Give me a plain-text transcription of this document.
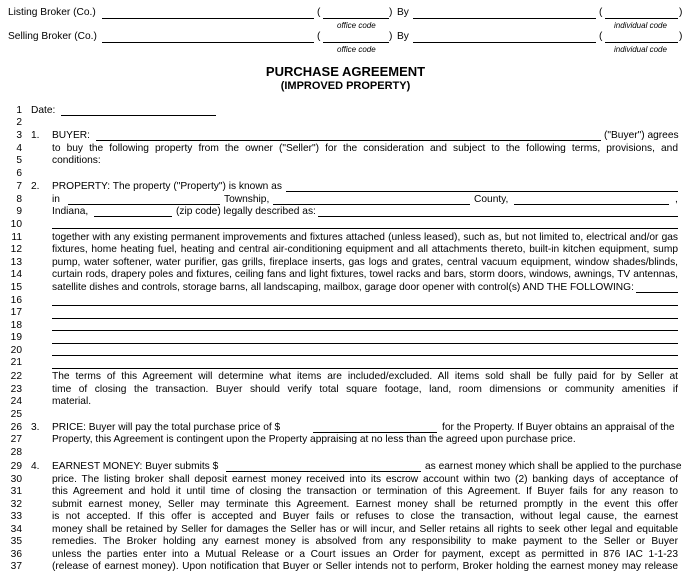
Listing Broker (Co.)	(	)
office code
By	(	)
individual code
Selling Broker (Co.)	(	)
office code
By	(	)
individual code
PURCHASE AGREEMENT
(IMPROVED PROPERTY)
1
2
3
4
5
6
7
8
9
10
11
12
13
14
15
16
17
18
19
20
21
22
23
24
25
26
27
28
29
30
31
32
33
34
35
36
37
Date:
1. BUYER:	("Buyer") agrees
to buy the following property from the owner ("Seller") for the consideration and subject to the following terms, provisions, and
conditions:
2. PROPERTY: The property ("Property") is known as
in	Township,	County,	,
Indiana,	(zip code) legally described as:
together with any existing permanent improvements and fixtures attached (unless leased), such as, but not limited to, electrical and/or gas
fixtures, home heating fuel, heating and central air-conditioning equipment and all attachments thereto, built-in kitchen equipment, sump
pump, water softener, water purifier, gas grills, fireplace inserts, gas logs and grates, central vacuum equipment, window shades/blinds,
curtain rods, drapery poles and fixtures, ceiling fans and light fixtures, towel racks and bars, storm doors, windows, awnings, TV antennas,
satellite dishes and controls, storage barns, all landscaping, mailbox, garage door opener with control(s) AND THE FOLLOWING:
The terms of this Agreement will determine what items are included/excluded. All items sold shall be fully paid for by Seller at
time of closing the transaction. Buyer should verify total square footage, land, room dimensions or community amenities if
material.
3. PRICE: Buyer will pay the total purchase price of $	for the Property. If Buyer obtains an appraisal of the
Property, this Agreement is contingent upon the Property appraising at no less than the agreed upon purchase price.
4. EARNEST MONEY: Buyer submits $	as earnest money which shall be applied to the purchase
price. The listing broker shall deposit earnest money received into its escrow account within two (2) banking days of acceptance of
this Agreement and hold it until time of closing the transaction or termination of this Agreement. If Buyer fails for any reason to
submit earnest money, Seller may terminate this Agreement. Earnest money shall be returned promptly in the event this offer
is not accepted. If this offer is accepted and Buyer fails or refuses to close the transaction, without legal cause, the earnest
money shall be retained by Seller for damages the Seller has or will incur, and Seller retains all rights to seek other legal and equitable
remedies. The Broker holding any earnest money is absolved from any responsibility to make payment to the Seller or Buyer
unless the parties enter into a Mutual Release or a Court issues an Order for payment, except as permitted in 876 IAC 1-1-23
(release of earnest money). Upon notification that Buyer or Seller intends not to perform, Broker holding the earnest money may release
